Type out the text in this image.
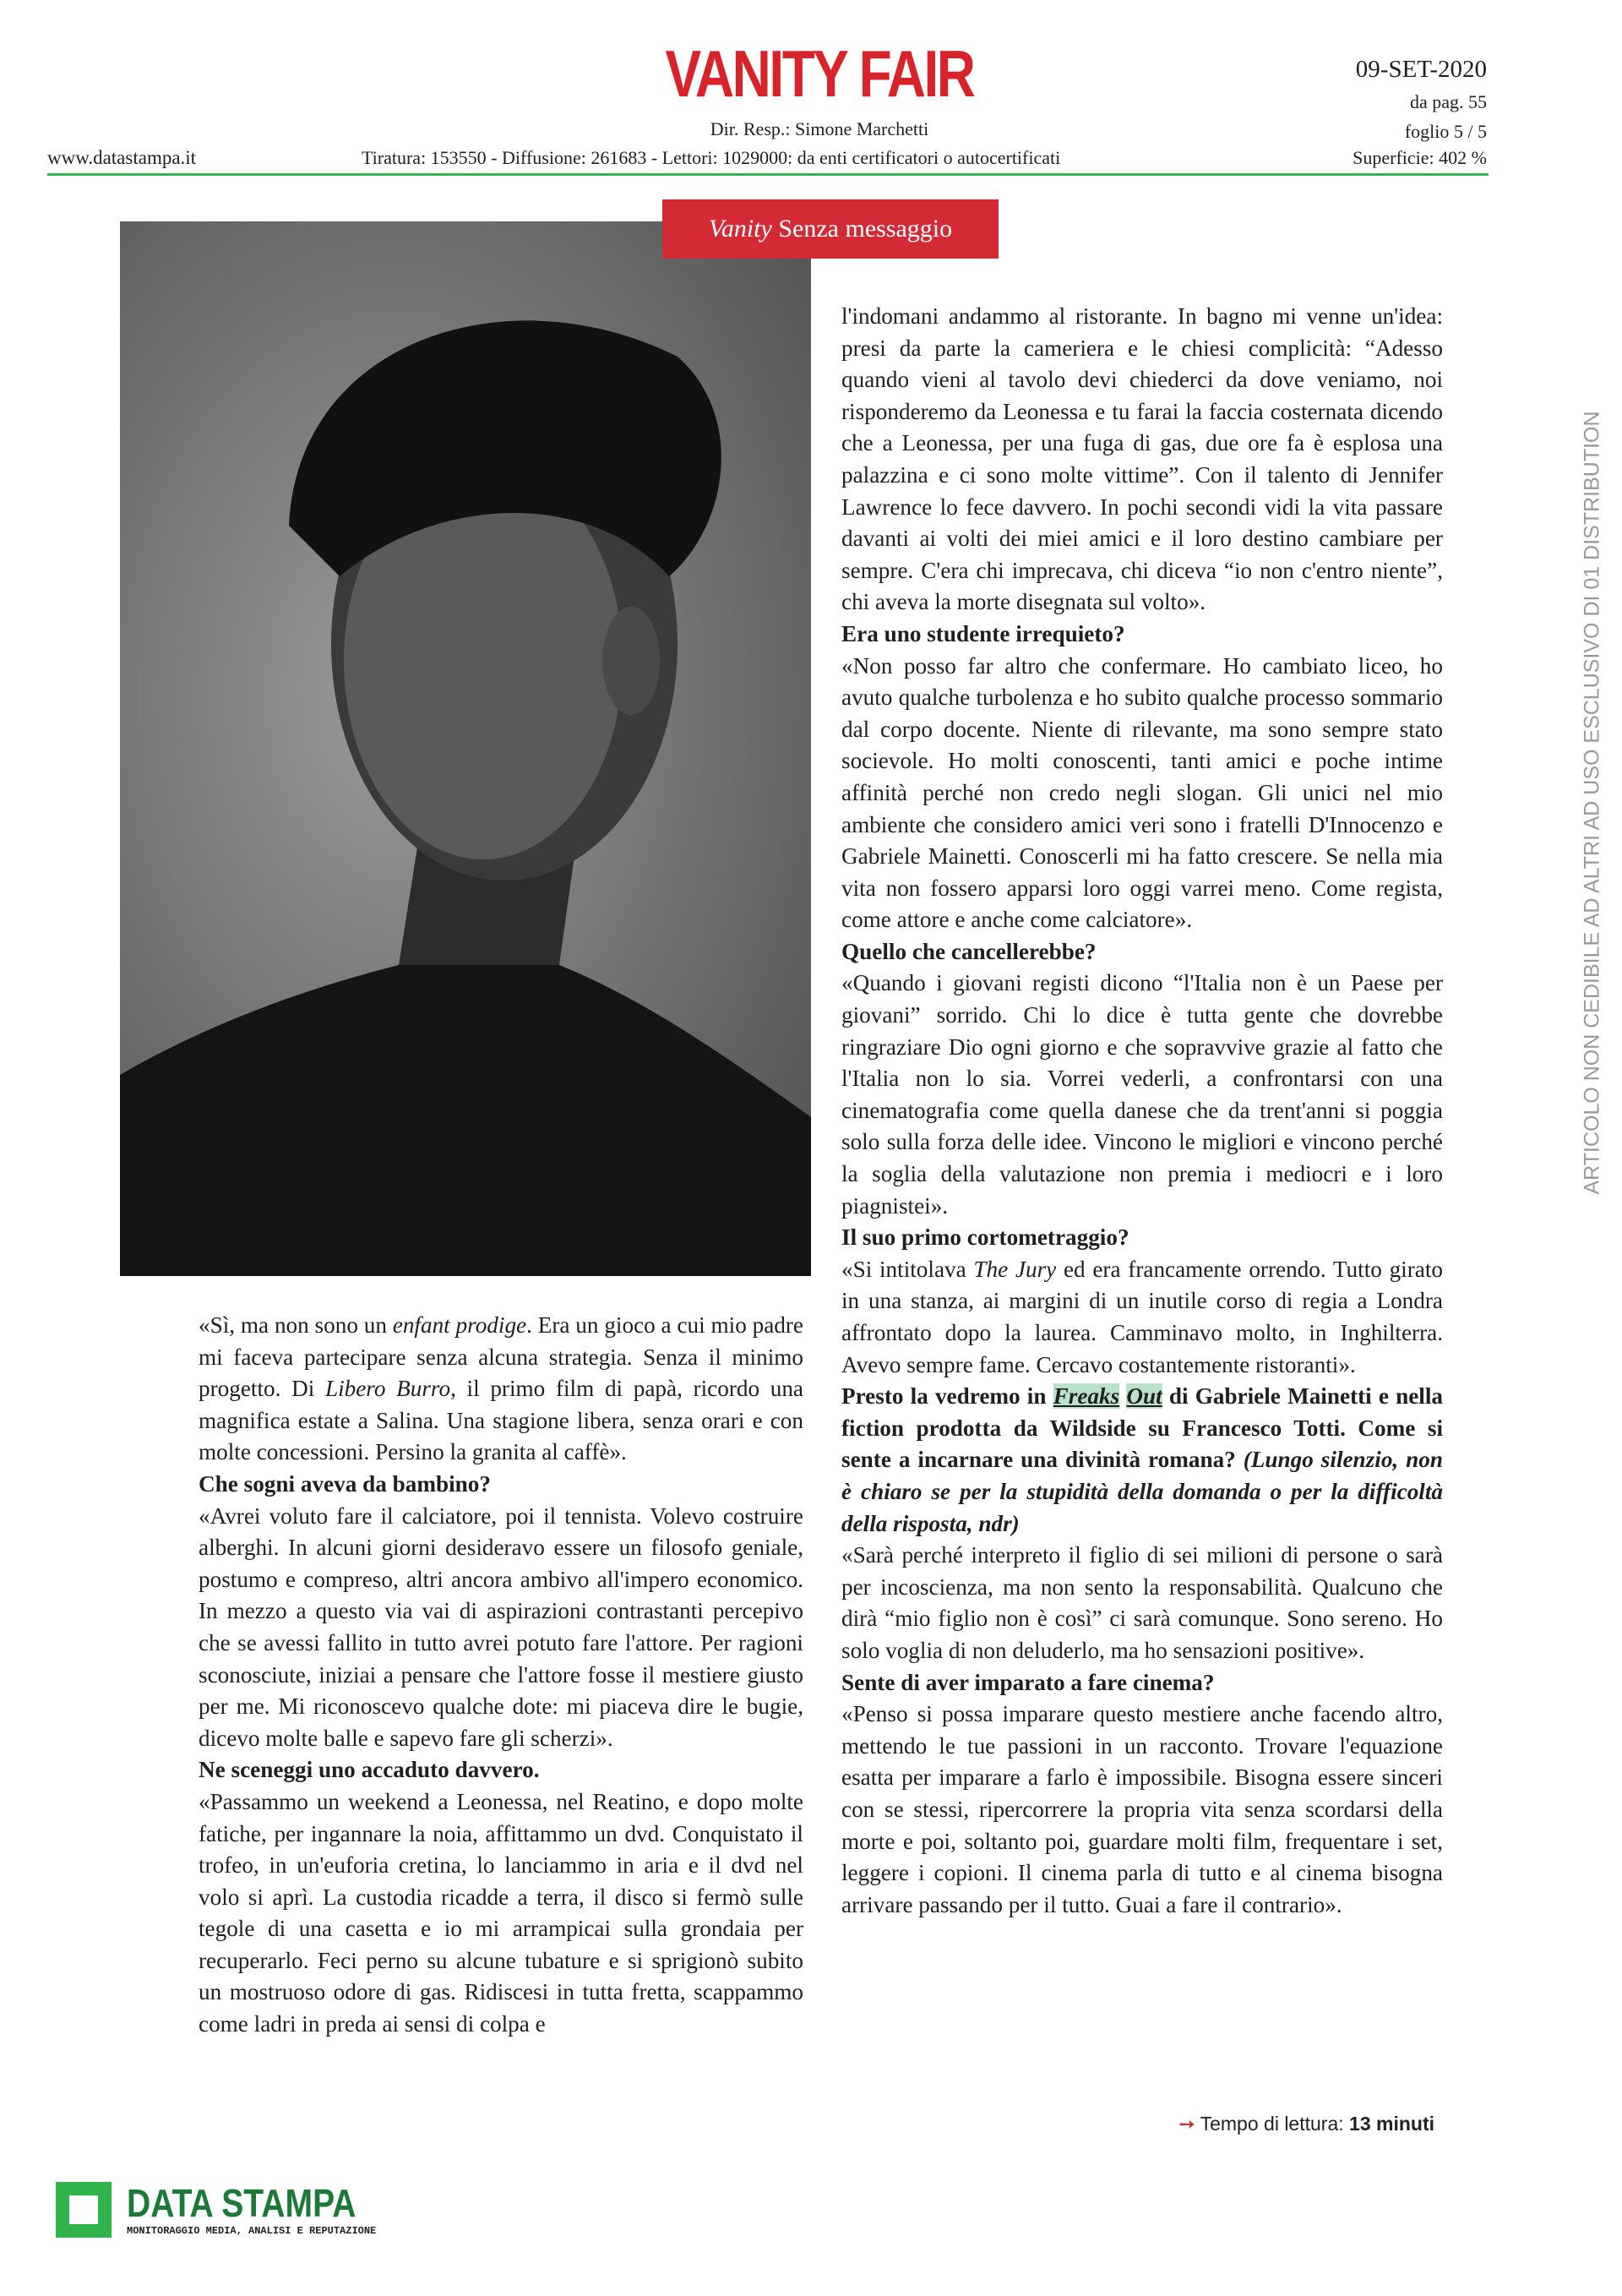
VANITY FAIR
Dir. Resp.: Simone Marchetti
www.datastampa.it	Tiratura: 153550 - Diffusione: 261683 - Lettori: 1029000: da enti certificatori o autocertificati
09-SET-2020
da pag. 55
foglio 5 / 5
Superficie: 402 %
Vanity Senza messaggio

l'indomani andammo al ristorante. In bagno mi venne un'idea: presi da parte la cameriera e le chiesi complicità: “Adesso quando vieni al tavolo devi chiederci da dove veniamo, noi risponderemo da Leonessa e tu farai la faccia costernata dicendo che a Leonessa, per una fuga di gas, due ore fa è esplosa una palazzina e ci sono molte vittime”. Con il talento di Jennifer Lawrence lo fece davvero. In pochi secondi vidi la vita passare davanti ai volti dei miei amici e il loro destino cambiare per sempre. C'era chi imprecava, chi diceva “io non c'entro niente”, chi aveva la morte disegnata sul volto».

Era uno studente irrequieto?

«Non posso far altro che confermare. Ho cambiato liceo, ho avuto qualche turbolenza e ho subito qualche processo sommario dal corpo docente. Niente di rilevante, ma sono sempre stato socievole. Ho molti conoscenti, tanti amici e poche intime affinità perché non credo negli slogan. Gli unici nel mio ambiente che considero amici veri sono i fratelli D'Innocenzo e Gabriele Mainetti. Conoscerli mi ha fatto crescere. Se nella mia vita non fossero apparsi loro oggi varrei meno. Come regista, come attore e anche come calciatore».

Quello che cancellerebbe?

«Quando i giovani registi dicono “l'Italia non è un Paese per giovani” sorrido. Chi lo dice è tutta gente che dovrebbe ringraziare Dio ogni giorno e che sopravvive grazie al fatto che l'Italia non lo sia. Vorrei vederli, a confrontarsi con una cinematografia come quella danese che da trent'anni si poggia solo sulla forza delle idee. Vincono le migliori e vincono perché la soglia della valutazione non premia i mediocri e i loro piagnistei».

Il suo primo cortometraggio?

«Si intitolava The Jury ed era francamente orrendo. Tutto girato in una stanza, ai margini di un inutile corso di regia a Londra affrontato dopo la laurea. Camminavo molto, in Inghilterra. Avevo sempre fame. Cercavo costantemente ristoranti».

Presto la vedremo in Freaks Out di Gabriele Mainetti e nella fiction prodotta da Wildside su Francesco Totti. Come si sente a incarnare una divinità romana? (Lungo silenzio, non è chiaro se per la stupidità della domanda o per la difficoltà della risposta, ndr)

«Sarà perché interpreto il figlio di sei milioni di persone o sarà per incoscienza, ma non sento la responsabilità. Qualcuno che dirà “mio figlio non è così” ci sarà comunque. Sono sereno. Ho solo voglia di non deluderlo, ma ho sensazioni positive».

Sente di aver imparato a fare cinema?

«Penso si possa imparare questo mestiere anche facendo altro, mettendo le tue passioni in un racconto. Trovare l'equazione esatta per imparare a farlo è impossibile. Bisogna essere sinceri con se stessi, ripercorrere la propria vita senza scordarsi della morte e poi, soltanto poi, guardare molti film, frequentare i set, leggere i copioni. Il cinema parla di tutto e al cinema bisogna arrivare passando per il tutto. Guai a fare il contrario».

«Sì, ma non sono un enfant prodige. Era un gioco a cui mio padre mi faceva partecipare senza alcuna strategia. Senza il minimo progetto. Di Libero Burro, il primo film di papà, ricordo una magnifica estate a Salina. Una stagione libera, senza orari e con molte concessioni. Persino la granita al caffè».

Che sogni aveva da bambino?

«Avrei voluto fare il calciatore, poi il tennista. Volevo costruire alberghi. In alcuni giorni desideravo essere un filosofo geniale, postumo e compreso, altri ancora ambivo all'impero economico. In mezzo a questo via vai di aspirazioni contrastanti percepivo che se avessi fallito in tutto avrei potuto fare l'attore. Per ragioni sconosciute, iniziai a pensare che l'attore fosse il mestiere giusto per me. Mi riconoscevo qualche dote: mi piaceva dire le bugie, dicevo molte balle e sapevo fare gli scherzi».

Ne sceneggi uno accaduto davvero.

«Passammo un weekend a Leonessa, nel Reatino, e dopo molte fatiche, per ingannare la noia, affittammo un dvd. Conquistato il trofeo, in un'euforia cretina, lo lanciammo in aria e il dvd nel volo si aprì. La custodia ricadde a terra, il disco si fermò sulle tegole di una casetta e io mi arrampicai sulla grondaia per recuperarlo. Feci perno su alcune tubature e si sprigionò subito un mostruoso odore di gas. Ridiscesi in tutta fretta, scappammo come ladri in preda ai sensi di colpa e

➙ Tempo di lettura: 13 minuti
DATA STAMPA
MONITORAGGIO MEDIA, ANALISI E REPUTAZIONE
ARTICOLO NON CEDIBILE AD ALTRI AD USO ESCLUSIVO DI 01 DISTRIBUTION
